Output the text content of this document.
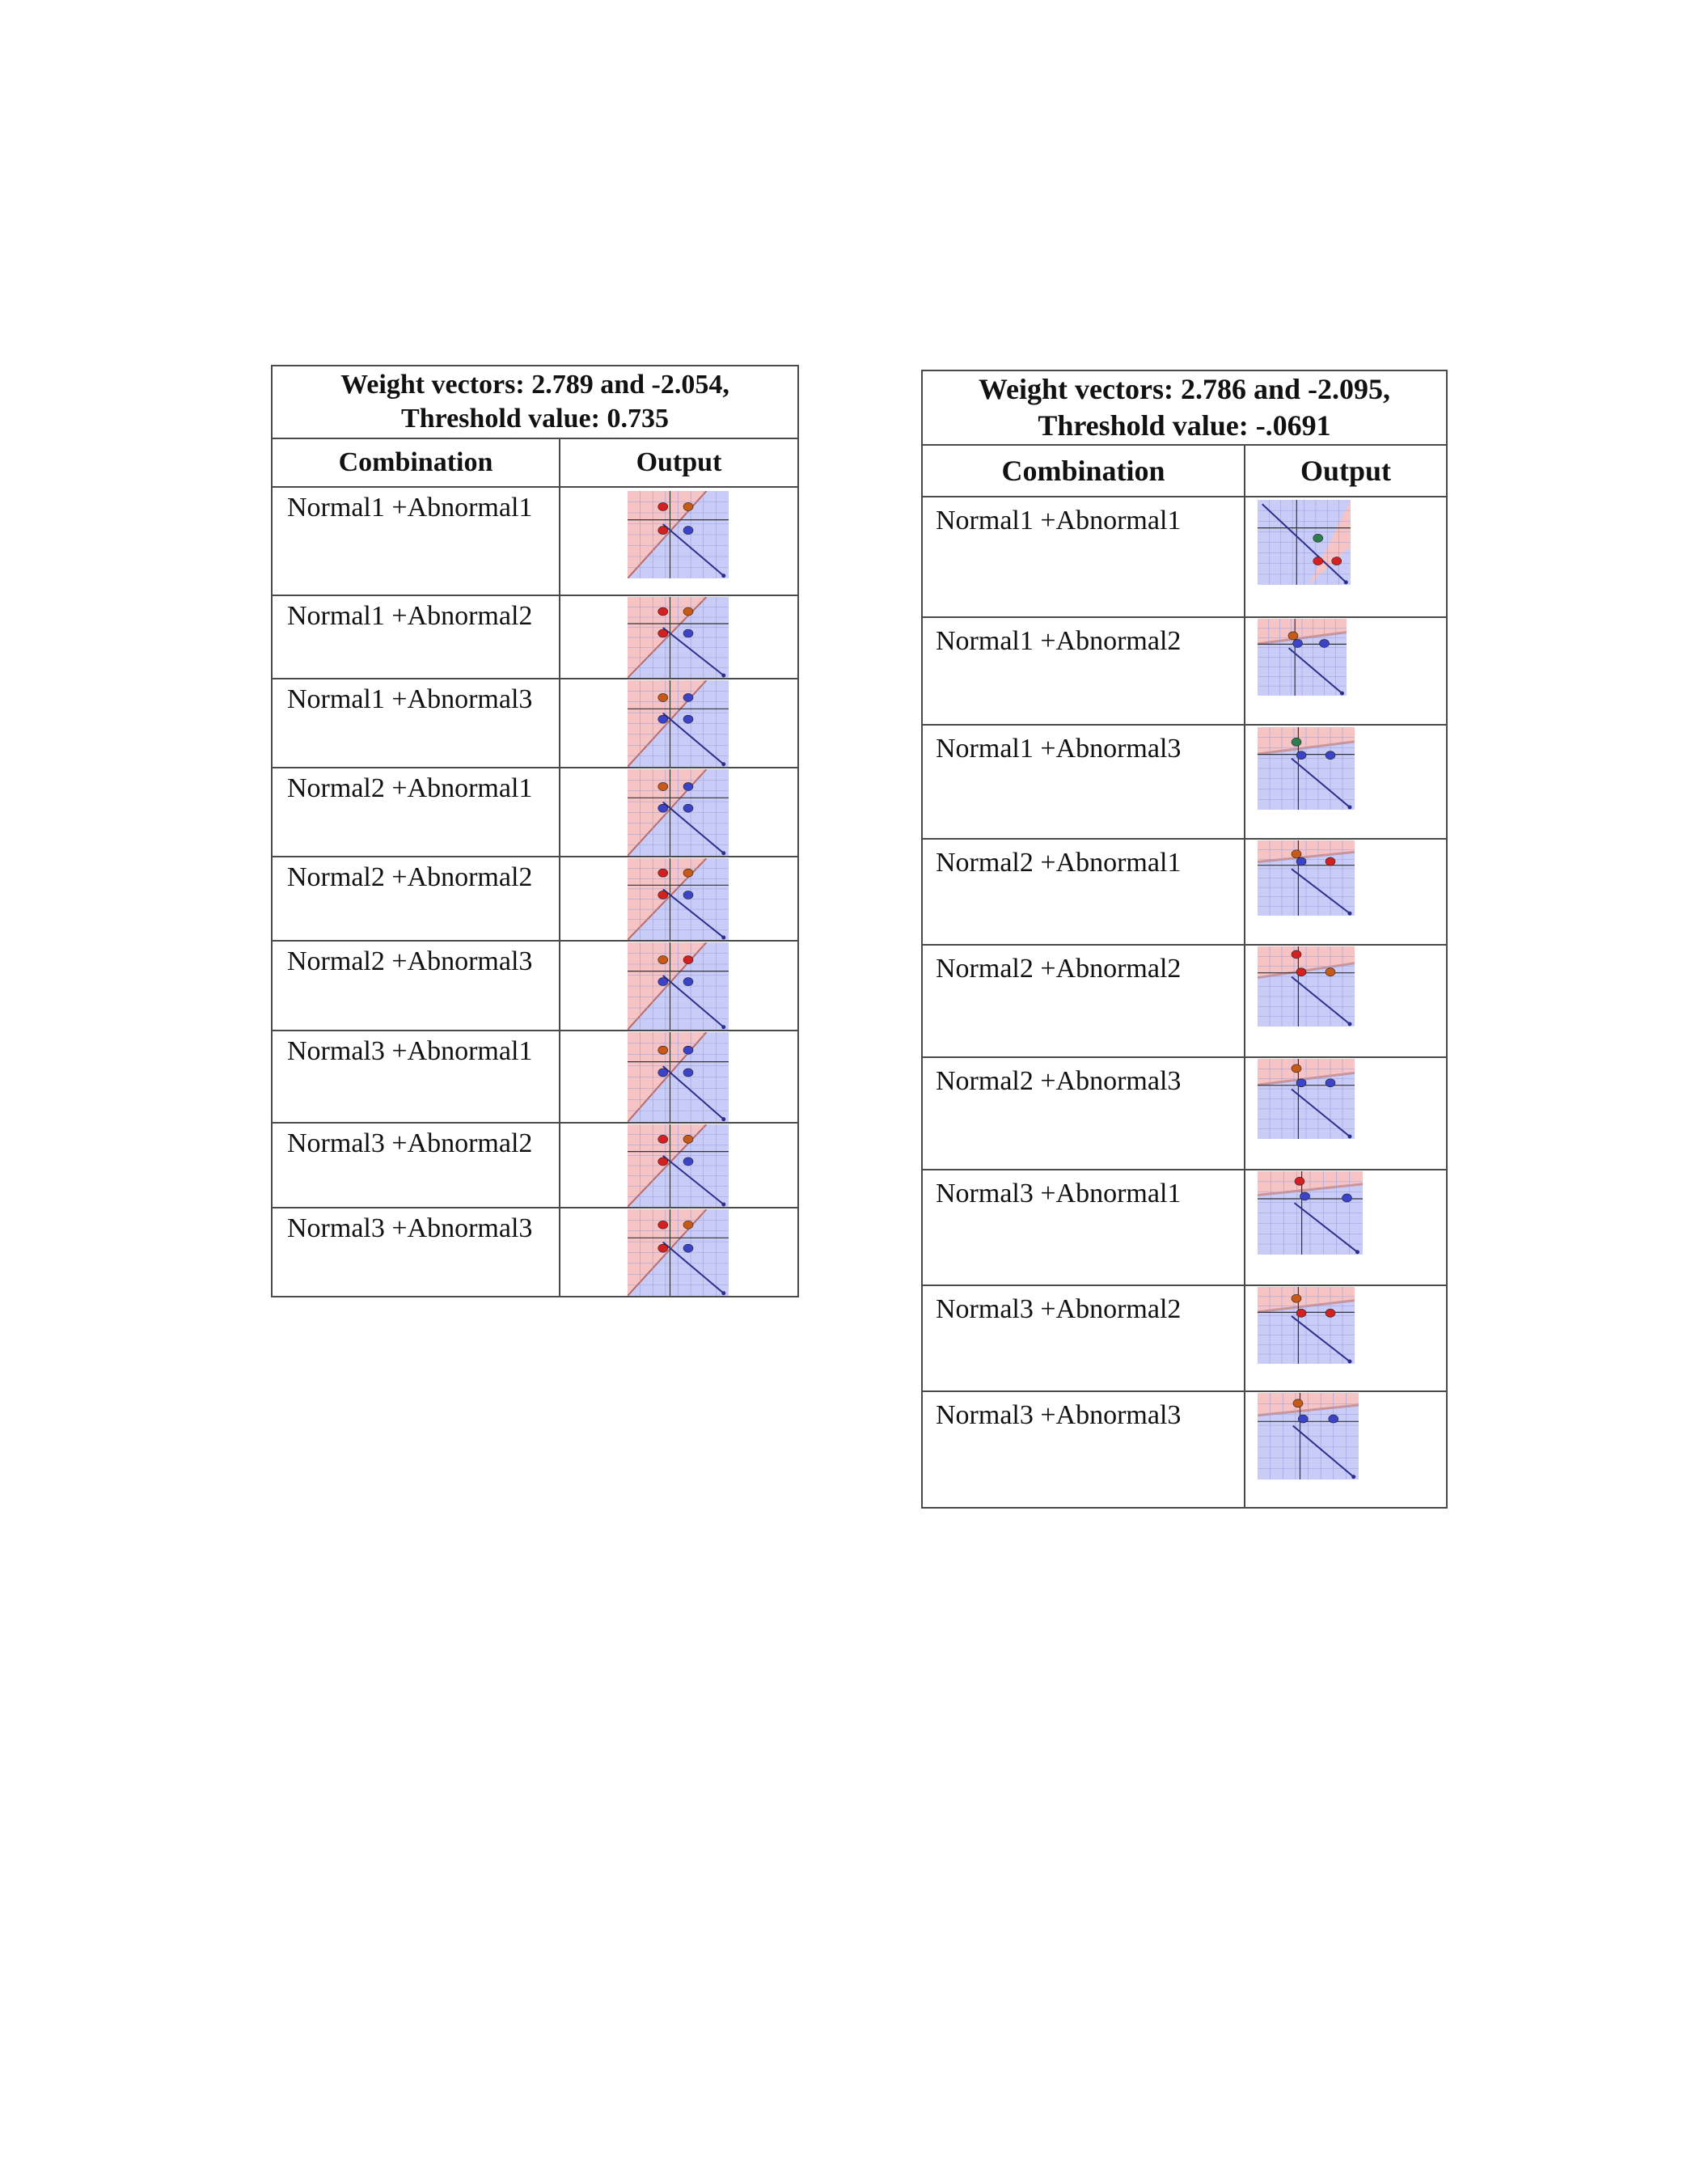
Weight vectors: 2.789 and -2.054,
Threshold value: 0.735	

Combination	Output
Normal1 +Abnormal1	

Normal1 +Abnormal2	

Normal1 +Abnormal3	

Normal2 +Abnormal1	

Normal2 +Abnormal2	

Normal2 +Abnormal3	

Normal3 +Abnormal1	

Normal3 +Abnormal2	

Normal3 +Abnormal3	
Weight vectors: 2.786 and -2.095,
Threshold value: -.0691	

Combination	Output
Normal1 +Abnormal1	

Normal1 +Abnormal2	

Normal1 +Abnormal3	

Normal2 +Abnormal1	

Normal2 +Abnormal2	

Normal2 +Abnormal3	

Normal3 +Abnormal1	

Normal3 +Abnormal2	

Normal3 +Abnormal3	
